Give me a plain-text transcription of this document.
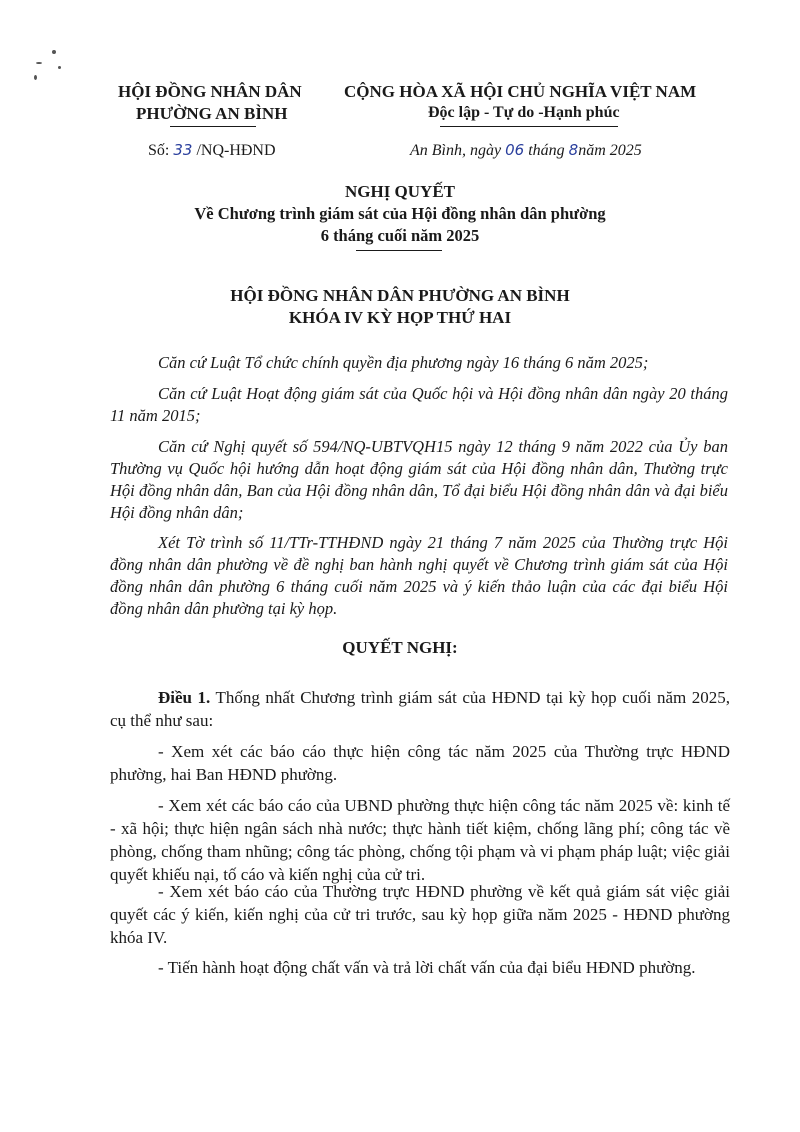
HỘI ĐỒNG NHÂN DÂN
PHƯỜNG AN BÌNH
CỘNG HÒA XÃ HỘI CHỦ NGHĨA VIỆT NAM
Độc lập - Tự do -Hạnh phúc
Số: 33 /NQ-HĐND	An Bình, ngày 06 tháng 8năm 2025
NGHỊ QUYẾT
Về Chương trình giám sát của Hội đồng nhân dân phường
6 tháng cuối năm 2025
HỘI ĐỒNG NHÂN DÂN PHƯỜNG AN BÌNH
KHÓA IV KỲ HỌP THỨ HAI
Căn cứ Luật Tổ chức chính quyền địa phương ngày 16 tháng 6 năm 2025;
Căn cứ Luật Hoạt động giám sát của Quốc hội và Hội đồng nhân dân ngày 20 tháng 11 năm 2015;
Căn cứ Nghị quyết số 594/NQ-UBTVQH15 ngày 12 tháng 9 năm 2022 của Ủy ban Thường vụ Quốc hội hướng dẫn hoạt động giám sát của Hội đồng nhân dân, Thường trực Hội đồng nhân dân, Ban của Hội đồng nhân dân, Tổ đại biểu Hội đồng nhân dân và đại biểu Hội đồng nhân dân;
Xét Tờ trình số 11/TTr-TTHĐND ngày 21 tháng 7 năm 2025 của Thường trực Hội đồng nhân dân phường về đề nghị ban hành nghị quyết về Chương trình giám sát của Hội đồng nhân dân phường 6 tháng cuối năm 2025 và ý kiến thảo luận của các đại biểu Hội đồng nhân dân phường tại kỳ họp.
QUYẾT NGHỊ:
Điều 1. Thống nhất Chương trình giám sát của HĐND tại kỳ họp cuối năm 2025, cụ thể như sau:
- Xem xét các báo cáo thực hiện công tác năm 2025 của Thường trực HĐND phường, hai Ban HĐND phường.
- Xem xét các báo cáo của UBND phường thực hiện công tác năm 2025 về: kinh tế - xã hội; thực hiện ngân sách nhà nước; thực hành tiết kiệm, chống lãng phí; công tác về phòng, chống tham nhũng; công tác phòng, chống tội phạm và vi phạm pháp luật; việc giải quyết khiếu nại, tố cáo và kiến nghị của cử tri.
- Xem xét báo cáo của Thường trực HĐND phường về kết quả giám sát việc giải quyết các ý kiến, kiến nghị của cử tri trước, sau kỳ họp giữa năm 2025 - HĐND phường khóa IV.
- Tiến hành hoạt động chất vấn và trả lời chất vấn của đại biểu HĐND phường.
